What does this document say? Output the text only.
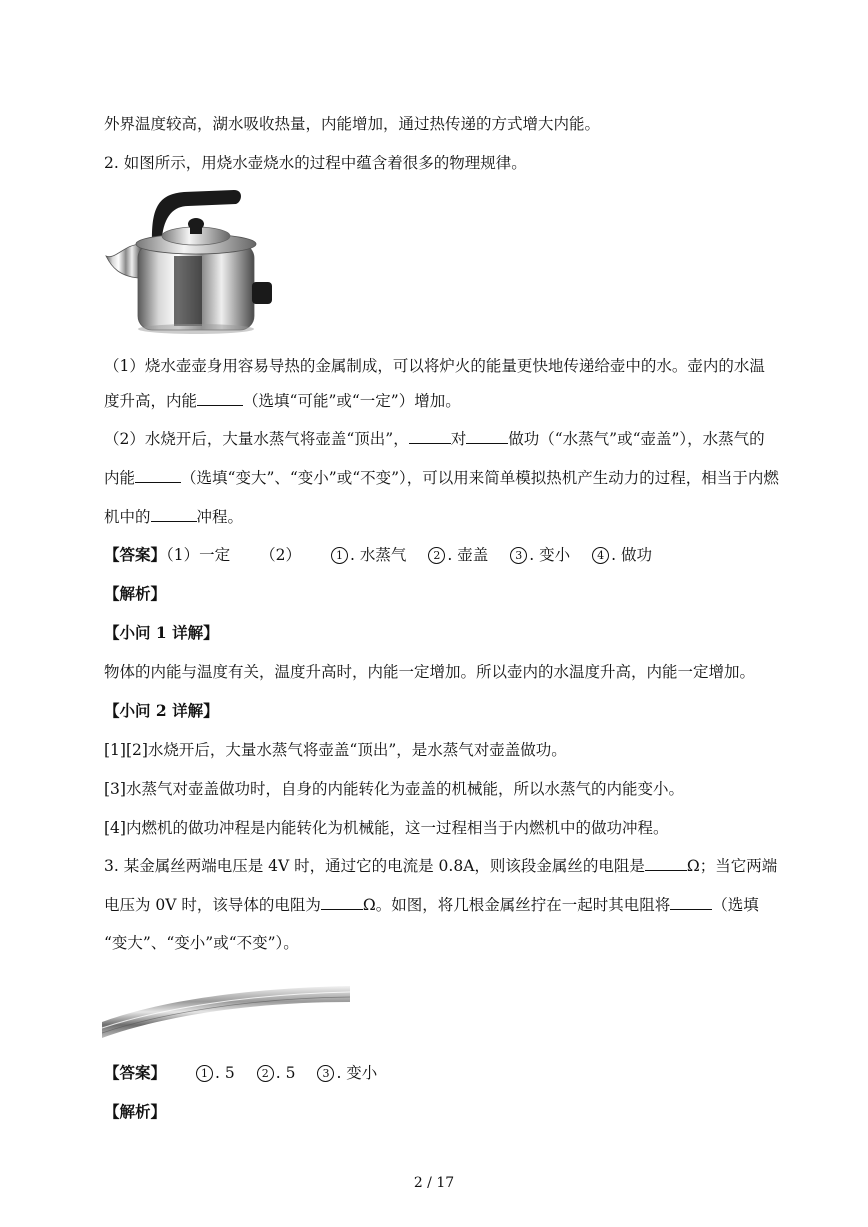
外界温度较高，湖水吸收热量，内能增加，通过热传递的方式增大内能。
2. 如图所示，用烧水壶烧水的过程中蕴含着很多的物理规律。
（1）烧水壶壶身用容易导热的金属制成，可以将炉火的能量更快地传递给壶中的水。壶内的水温
度升高，内能	（选填“可能”或“一定”）增加。
（2）水烧开后，大量水蒸气将壶盖“顶出”，	对	做功（“水蒸气”或“壶盖”），水蒸气的
内能	（选填“变大”、“变小”或“不变”），可以用来简单模拟热机产生动力的过程，相当于内燃
机中的	冲程。
【答案】（1）一定 （2）	1 . 水蒸气 2 . 壶盖 3 . 变小 4 . 做功
【解析】
【小问 1 详解】
物体的内能与温度有关，温度升高时，内能一定增加。所以壶内的水温度升高，内能一定增加。
【小问 2 详解】
[1][2]水烧开后，大量水蒸气将壶盖“顶出”，是水蒸气对壶盖做功。
[3]水蒸气对壶盖做功时，自身的内能转化为壶盖的机械能，所以水蒸气的内能变小。
[4]内燃机的做功冲程是内能转化为机械能，这一过程相当于内燃机中的做功冲程。
3. 某金属丝两端电压是 4V 时，通过它的电流是 0.8A，则该段金属丝的电阻是	Ω；当它两端
电压为 0V 时，该导体的电阻为	Ω。如图，将几根金属丝拧在一起时其电阻将	（选填
“变大”、“变小”或“不变”）。
【答案】	1 . 5 2 . 5 3 . 变小
【解析】
2 / 17
